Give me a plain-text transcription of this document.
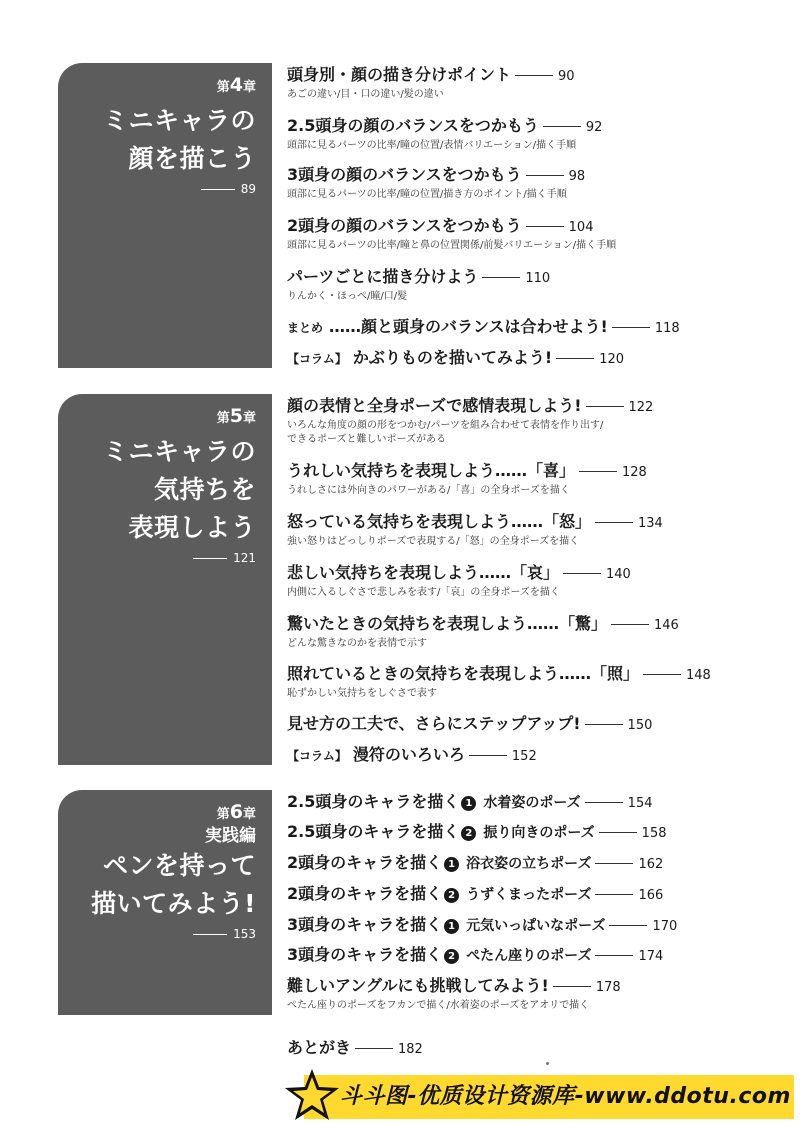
第4章
ミニキャラの
顔を描こう
89
第5章
ミニキャラの
気持ちを
表現しよう
121
第6章
実践編
ペンを持って
描いてみよう!
153
頭身別・顔の描き分けポイント	90
あごの違い/目・口の違い/髪の違い
2.5頭身の顔のバランスをつかもう	92
頭部に見るパーツの比率/瞳の位置/表情バリエーション/描く手順
3頭身の顔のバランスをつかもう	98
頭部に見るパーツの比率/瞳の位置/描き方のポイント/描く手順
2頭身の顔のバランスをつかもう	104
頭部に見るパーツの比率/瞳と鼻の位置関係/前髪バリエーション/描く手順
パーツごとに描き分けよう	110
りんかく・ほっぺ/瞳/口/髪
まとめ ……顔と頭身のバランスは合わせよう!	118
【コラム】 かぶりものを描いてみよう!	120
顔の表情と全身ポーズで感情表現しよう!	122
いろんな角度の顔の形をつかむ/パーツを組み合わせて表情を作り出す/
できるポーズと難しいポーズがある
うれしい気持ちを表現しよう……「喜」	128
うれしさには外向きのパワーがある/「喜」の全身ポーズを描く
怒っている気持ちを表現しよう……「怒」	134
強い怒りはどっしりポーズで表現する/「怒」の全身ポーズを描く
悲しい気持ちを表現しよう……「哀」	140
内側に入るしぐさで悲しみを表す/「哀」の全身ポーズを描く
驚いたときの気持ちを表現しよう……「驚」	146
どんな驚きなのかを表情で示す
照れているときの気持ちを表現しよう……「照」	148
恥ずかしい気持ちをしぐさで表す
見せ方の工夫で、さらにステップアップ!	150
【コラム】 漫符のいろいろ	152
2.5頭身のキャラを描く 1 水着姿のポーズ	154
2.5頭身のキャラを描く 2 振り向きのポーズ	158
2頭身のキャラを描く 1 浴衣姿の立ちポーズ	162
2頭身のキャラを描く 2 うずくまったポーズ	166
3頭身のキャラを描く 1 元気いっぱいなポーズ	170
3頭身のキャラを描く 2 ぺたん座りのポーズ	174
難しいアングルにも挑戦してみよう!	178
ぺたん座りのポーズをフカンで描く/水着姿のポーズをアオリで描く
あとがき	182
斗斗图-优质设计资源库-www.ddotu.com
